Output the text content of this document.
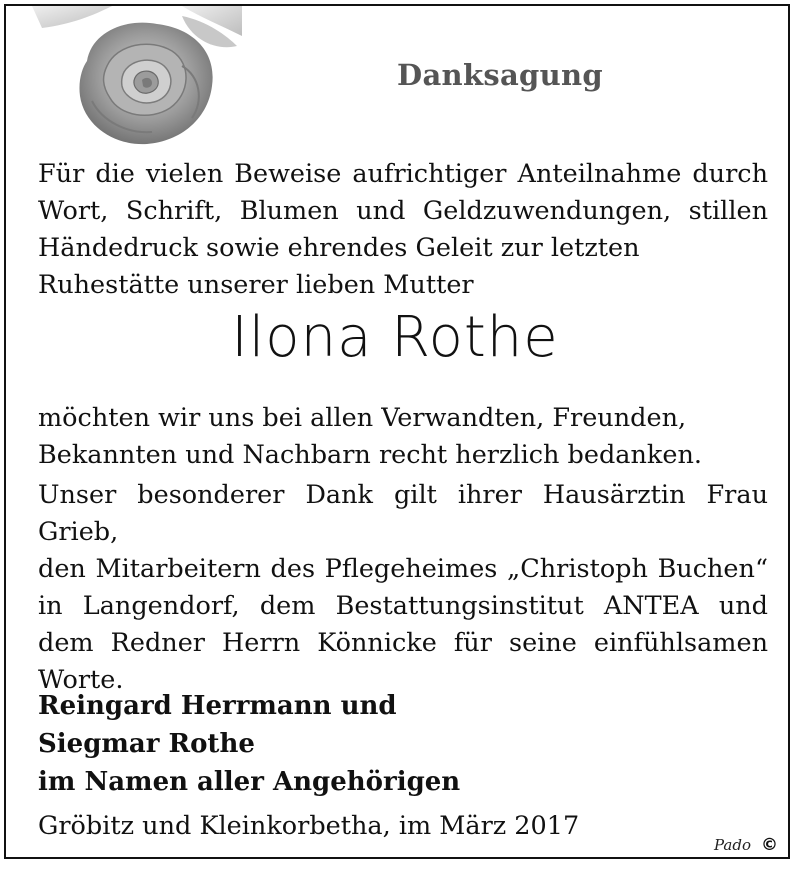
Danksagung
Für die vielen Beweise aufrichtiger Anteilnahme durch
Wort, Schrift, Blumen und Geldzuwendungen, stillen
Händedruck sowie ehrendes Geleit zur letzten
Ruhestätte unserer lieben Mutter
Ilona Rothe
möchten wir uns bei allen Verwandten, Freunden,
Bekannten und Nachbarn recht herzlich bedanken.
Unser besonderer Dank gilt ihrer Hausärztin Frau Grieb,
den Mitarbeitern des Pflegeheimes „Christoph Buchen“
in Langendorf, dem Bestattungsinstitut ANTEA und
dem Redner Herrn Könnicke für seine einfühlsamen
Worte.
Reingard Herrmann und
Siegmar Rothe
im Namen aller Angehörigen
Gröbitz und Kleinkorbetha, im März 2017
Pado ©
